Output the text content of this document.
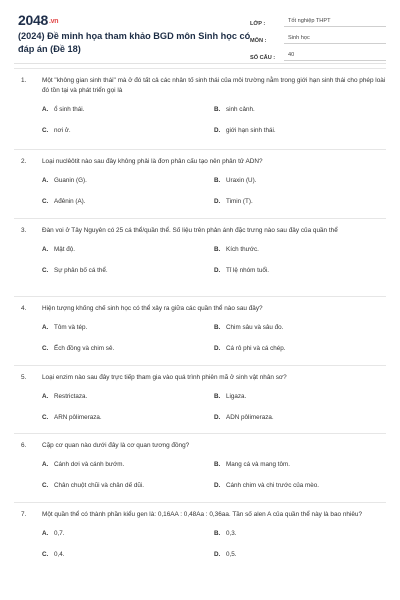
2048.vn
(2024) Đề minh họa tham khảo BGD môn Sinh học có đáp án (Đề 18)
LỚP :	Tốt nghiệp THPT
MÔN :	Sinh học
SỐ CÂU :	40
1. Một "không gian sinh thái" mà ở đó tất cả các nhân tố sinh thái của môi trường nằm trong giới hạn sinh thái cho phép loài đó tồn tại và phát triển gọi là
A. ổ sinh thái.	B. sinh cảnh.
C. nơi ở.	D. giới hạn sinh thái.
2. Loại nuclêôtit nào sau đây không phải là đơn phân cấu tạo nên phân tử ADN?
A. Guanin (G).	B. Uraxin (U).
C. Ađênin (A).	D. Timin (T).
3. Đàn voi ở Tây Nguyên có 25 cá thể/quần thể. Số liệu trên phản ánh đặc trưng nào sau đây của quần thể
A. Mật độ.	B. Kích thước.
C. Sự phân bố cá thể.	D. Tỉ lệ nhóm tuổi.
4. Hiện tượng khống chế sinh học có thể xảy ra giữa các quần thể nào sau đây?
A. Tôm và tép.	B. Chim sâu và sâu đo.
C. Ếch đồng và chim sẻ.	D. Cá rô phi và cá chép.
5. Loại enzim nào sau đây trực tiếp tham gia vào quá trình phiên mã ở sinh vật nhân sơ?
A. Restrictaza.	B. Ligaza.
C. ARN pôlimeraza.	D. ADN pôlimeraza.
6. Cặp cơ quan nào dưới đây là cơ quan tương đồng?
A. Cánh dơi và cánh bướm.	B. Mang cá và mang tôm.
C. Chân chuột chũi và chân dế dũi.	D. Cánh chim và chi trước của mèo.
7. Một quần thể có thành phần kiểu gen là: 0,16AA : 0,48Aa : 0,36aa. Tần số alen A của quần thể này là bao nhiêu?
A. 0,7.	B. 0,3.
C. 0,4.	D. 0,5.
